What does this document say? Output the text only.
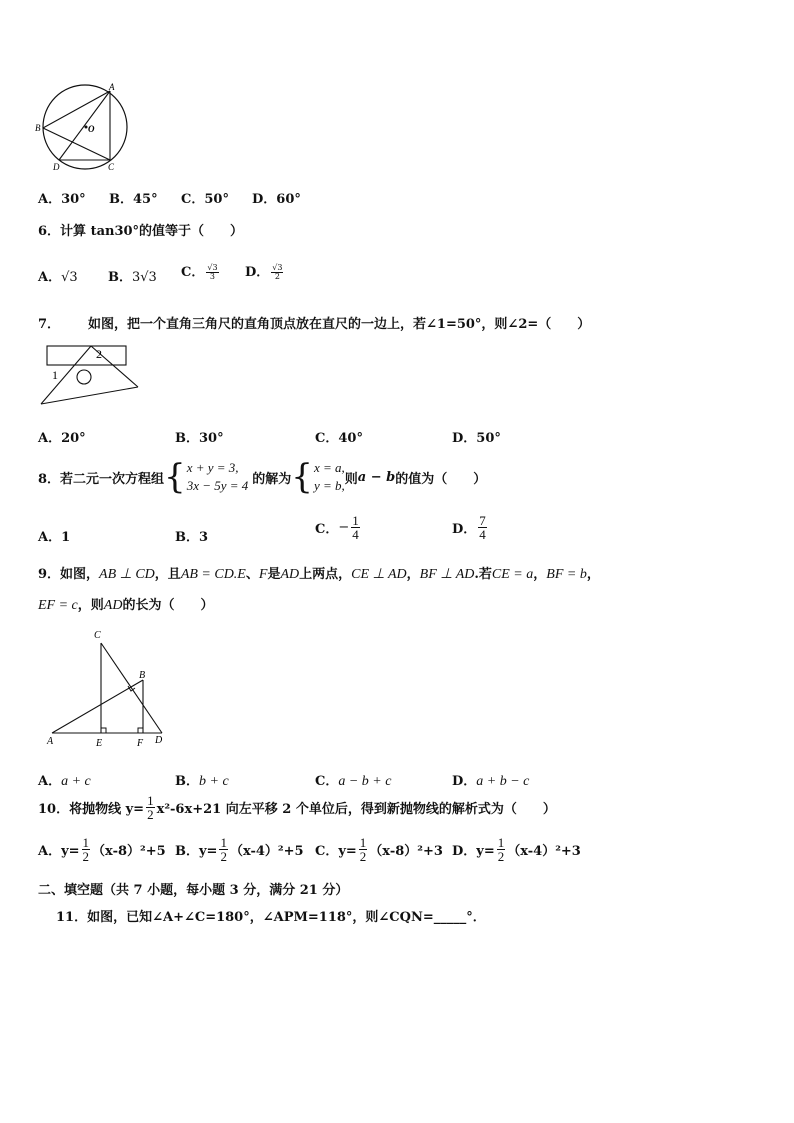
A
B	O
D	C
A．30° B．45° C．50° D．60°
6．计算 tan30°的值等于（　　）
A．√3 B．3√3 C． $\frac{√3}{3}$ D． $\frac{√3}{2}$
7． 如图，把一个直角三角尺的直角顶点放在直尺的一边上，若∠1=50°，则∠2=（　　）
1
2
A．20°	B．30°	C．40°	D．50°
8．若二元一次方程组 { x + y = 3,
3x − 5y = 4 的解为 { x = a,
y = b, 则 a − b 的值为（　　）
A．1	B．3
C． − $\frac{1}{4}$	D． $\frac{7}{4}$
9．如图，AB ⊥ CD，且AB = CD.E、F是AD上两点，CE ⊥ AD，BF ⊥ AD.若CE = a，BF = b，
EF = c，则AD的长为（　　）
C
B
A	E	F D
A．a + c	B．b + c	C．a − b + c	D．a + b − c
10．将抛物线 $y= \frac{1}{2} x^2-6x+21$ 向左平移 2 个单位后，得到新抛物线的解析式为（　　）
A．$y= \frac{1}{2} (x-8)^2+5$ B．$y= \frac{1}{2} (x-4)^2+5$ C．$y= \frac{1}{2} (x-8)^2+3$ D．$y= \frac{1}{2} (x-4)^2+3$
二、填空题（共 7 小题，每小题 3 分，满分 21 分）
11．如图，已知∠A+∠C=180°，∠APM=118°，则∠CQN=_____°．
